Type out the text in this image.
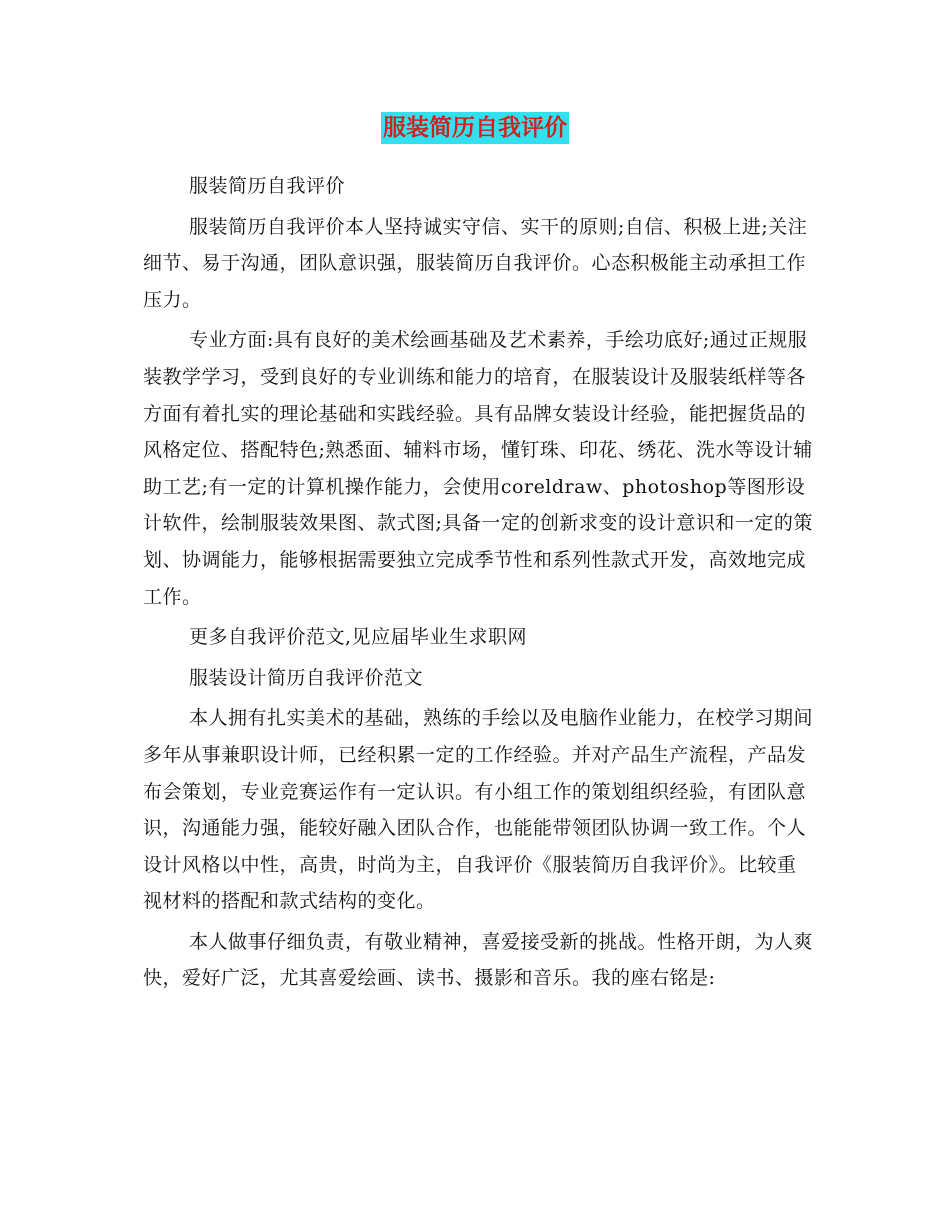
服装简历自我评价

服装简历自我评价

服装简历自我评价本人坚持诚实守信、实干的原则;自信、积极上进;关注细节、易于沟通，团队意识强，服装简历自我评价。心态积极能主动承担工作压力。

专业方面:具有良好的美术绘画基础及艺术素养，手绘功底好;通过正规服装教学学习，受到良好的专业训练和能力的培育，在服装设计及服装纸样等各方面有着扎实的理论基础和实践经验。具有品牌女装设计经验，能把握货品的风格定位、搭配特色;熟悉面、辅料市场，懂钉珠、印花、绣花、洗水等设计辅助工艺;有一定的计算机操作能力，会使用coreldraw、photoshop等图形设计软件，绘制服装效果图、款式图;具备一定的创新求变的设计意识和一定的策划、协调能力，能够根据需要独立完成季节性和系列性款式开发，高效地完成工作。

更多自我评价范文,见应届毕业生求职网

服装设计简历自我评价范文

本人拥有扎实美术的基础，熟练的手绘以及电脑作业能力，在校学习期间多年从事兼职设计师，已经积累一定的工作经验。并对产品生产流程，产品发布会策划，专业竞赛运作有一定认识。有小组工作的策划组织经验，有团队意识，沟通能力强，能较好融入团队合作，也能能带领团队协调一致工作。个人设计风格以中性，高贵，时尚为主，自我评价《服装简历自我评价》。比较重视材料的搭配和款式结构的变化。

本人做事仔细负责，有敬业精神，喜爱接受新的挑战。性格开朗，为人爽快，爱好广泛，尤其喜爱绘画、读书、摄影和音乐。我的座右铭是:
